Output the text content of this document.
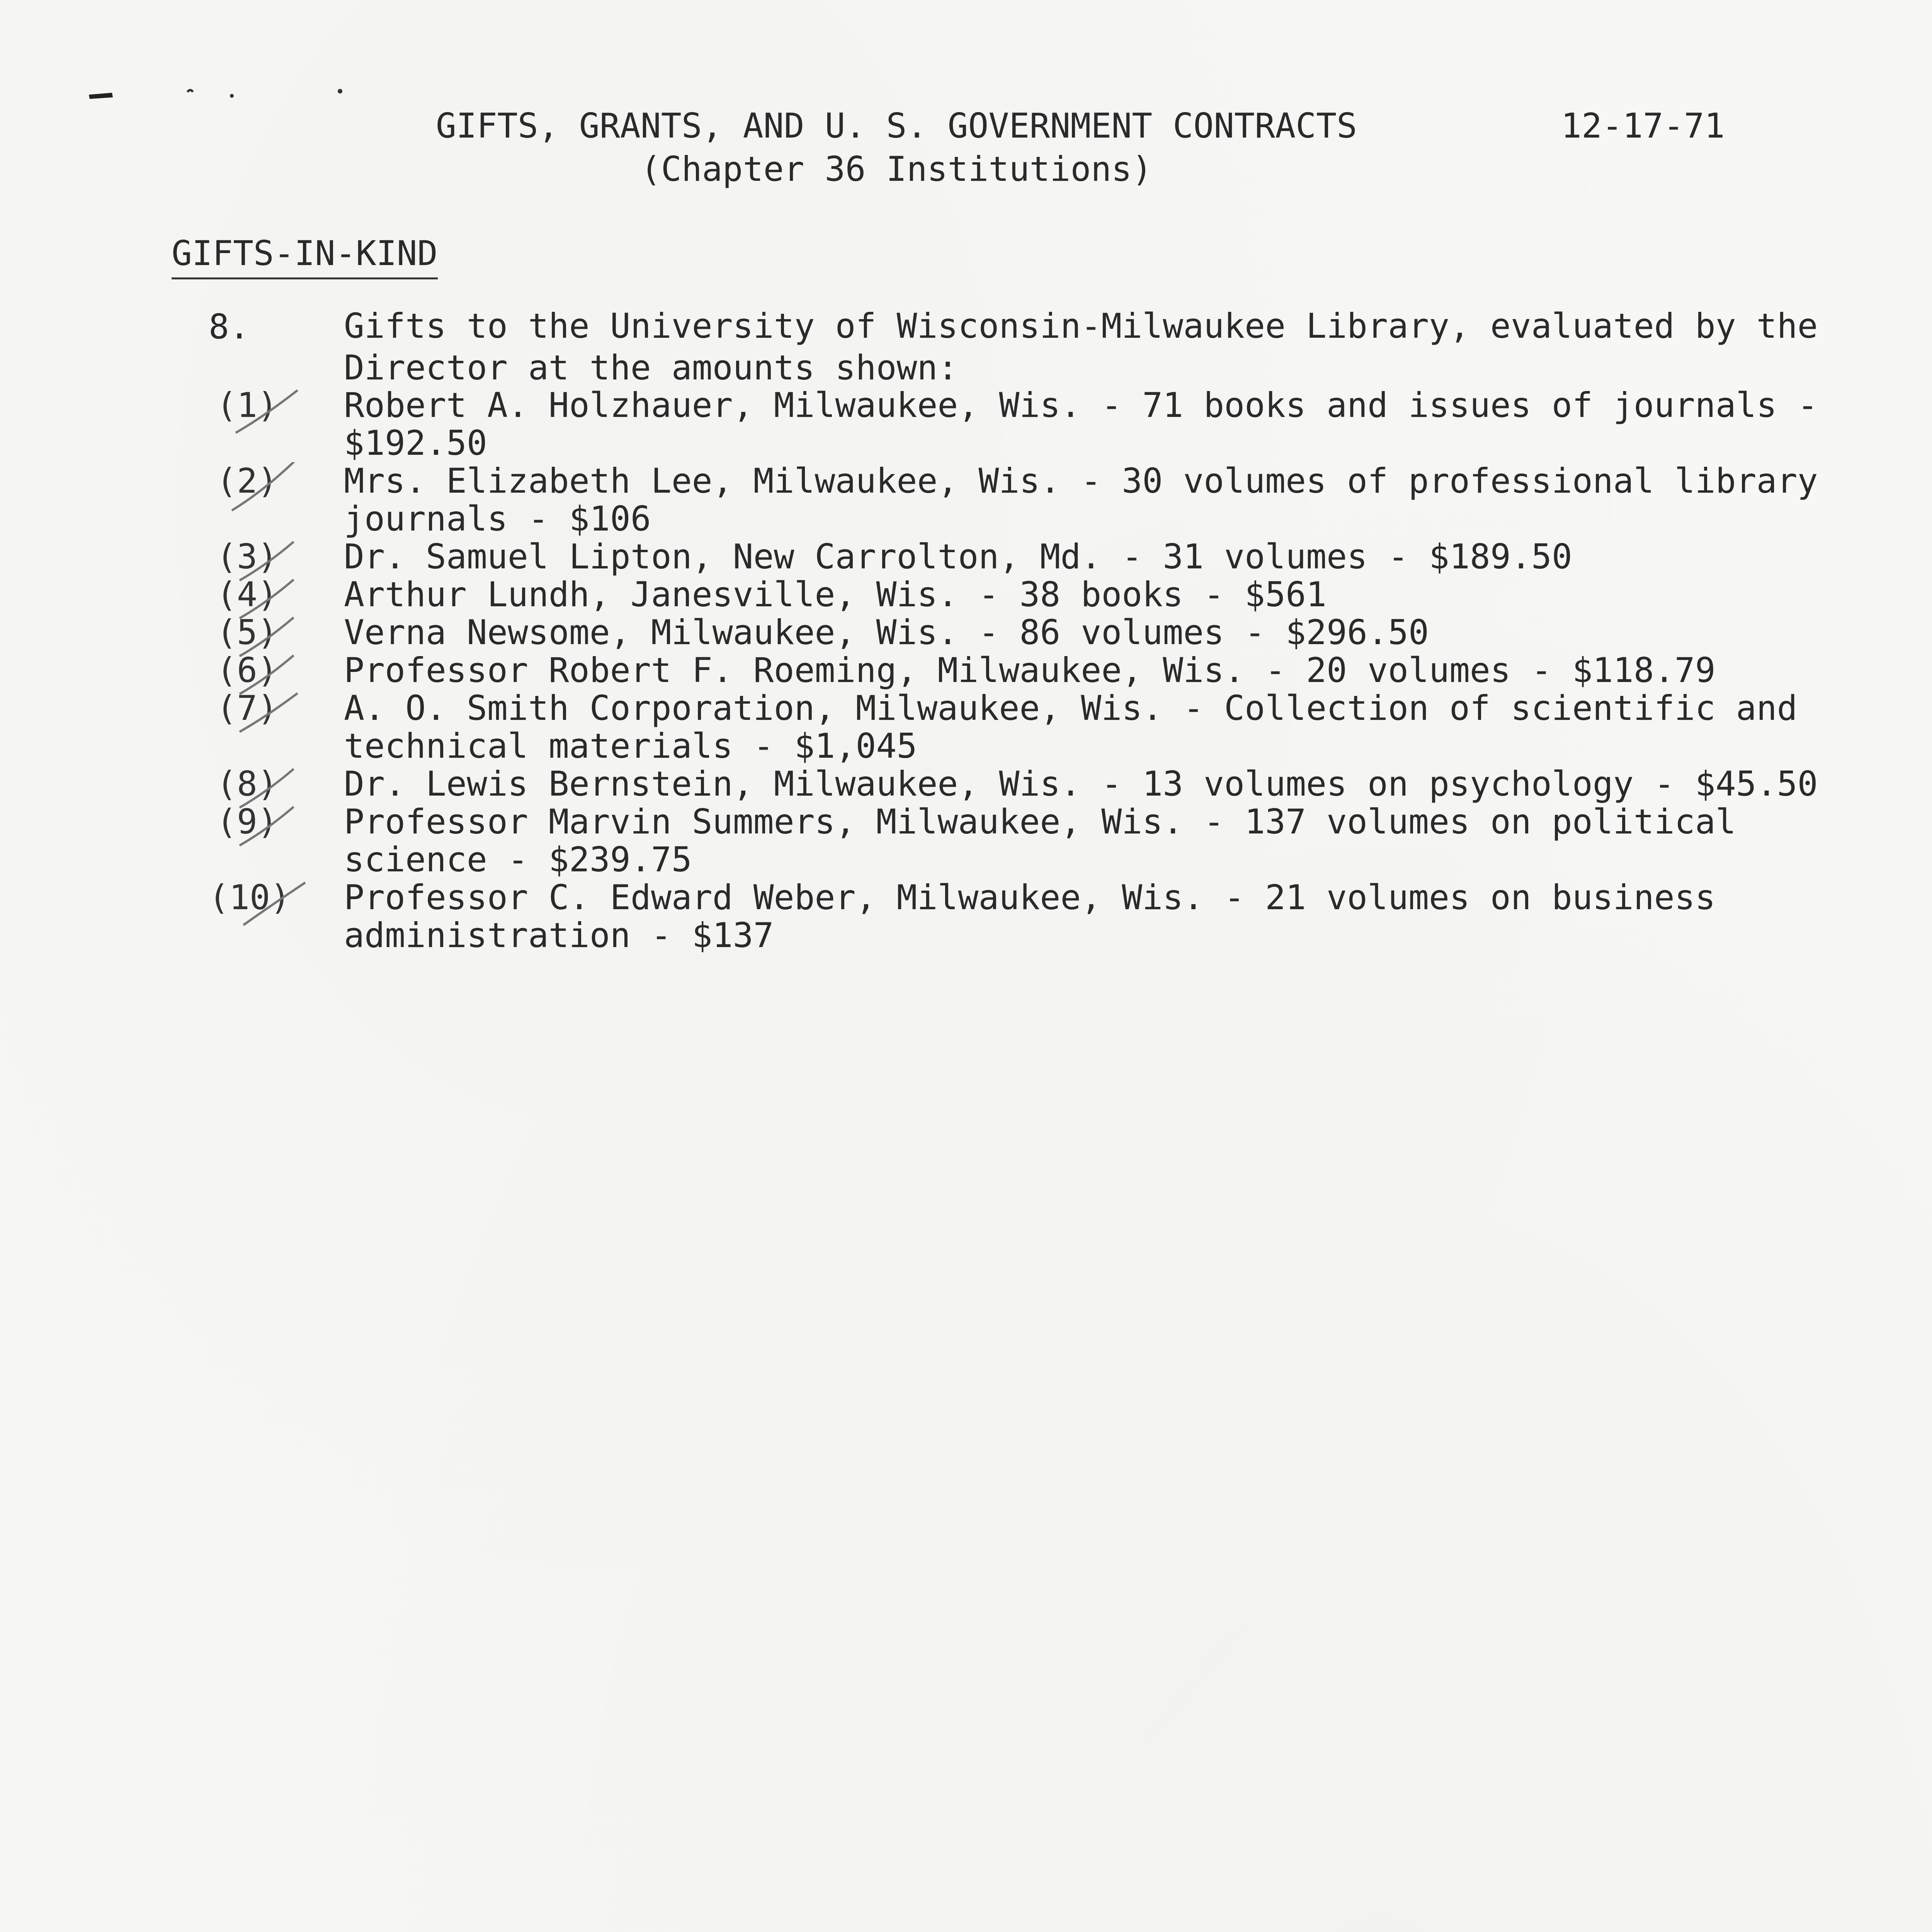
GIFTS, GRANTS, AND U. S. GOVERNMENT CONTRACTS
(Chapter 36 Institutions)
12-17-71
GIFTS-IN-KIND
8.	Gifts to the University of Wisconsin-Milwaukee Library, evaluated by the
Director at the amounts shown:
(1)	Robert A. Holzhauer, Milwaukee, Wis. - 71 books and issues of journals -
$192.50
(2)	Mrs. Elizabeth Lee, Milwaukee, Wis. - 30 volumes of professional library
journals - $106
(3)	Dr. Samuel Lipton, New Carrolton, Md. - 31 volumes - $189.50
(4)	Arthur Lundh, Janesville, Wis. - 38 books - $561
(5)	Verna Newsome, Milwaukee, Wis. - 86 volumes - $296.50
(6)	Professor Robert F. Roeming, Milwaukee, Wis. - 20 volumes - $118.79
(7)	A. O. Smith Corporation, Milwaukee, Wis. - Collection of scientific and
technical materials - $1,045
(8)	Dr. Lewis Bernstein, Milwaukee, Wis. - 13 volumes on psychology - $45.50
(9)	Professor Marvin Summers, Milwaukee, Wis. - 137 volumes on political
science - $239.75
(10)	Professor C. Edward Weber, Milwaukee, Wis. - 21 volumes on business
administration - $137
